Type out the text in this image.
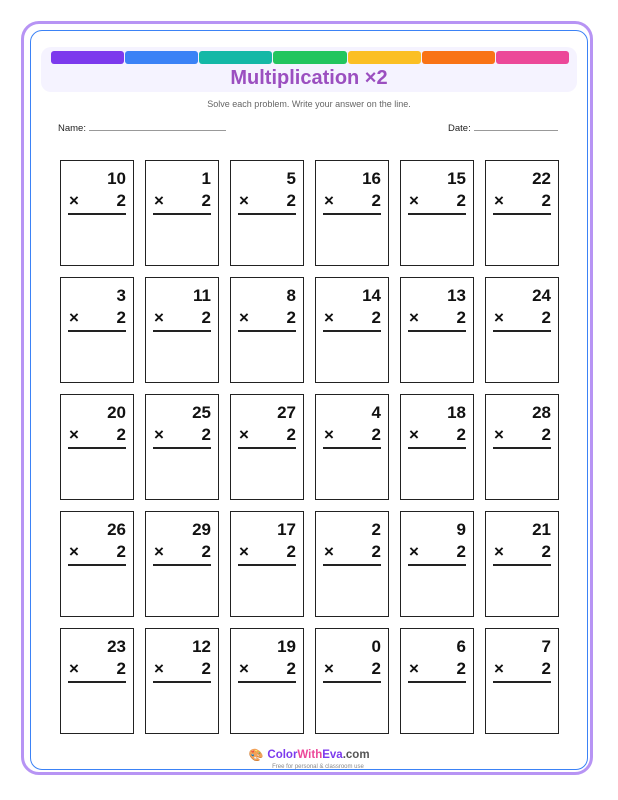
Multiplication ×2
Solve each problem. Write your answer on the line.
Name:	Date:
10
× 2
1
× 2
5
× 2
16
× 2
15
× 2
22
× 2
3
× 2
11
× 2
8
× 2
14
× 2
13
× 2
24
× 2
20
× 2
25
× 2
27
× 2
4
× 2
18
× 2
28
× 2
26
× 2
29
× 2
17
× 2
2
× 2
9
× 2
21
× 2
23
× 2
12
× 2
19
× 2
0
× 2
6
× 2
7
× 2
🎨 ColorWithEva.com
Free for personal & classroom use
